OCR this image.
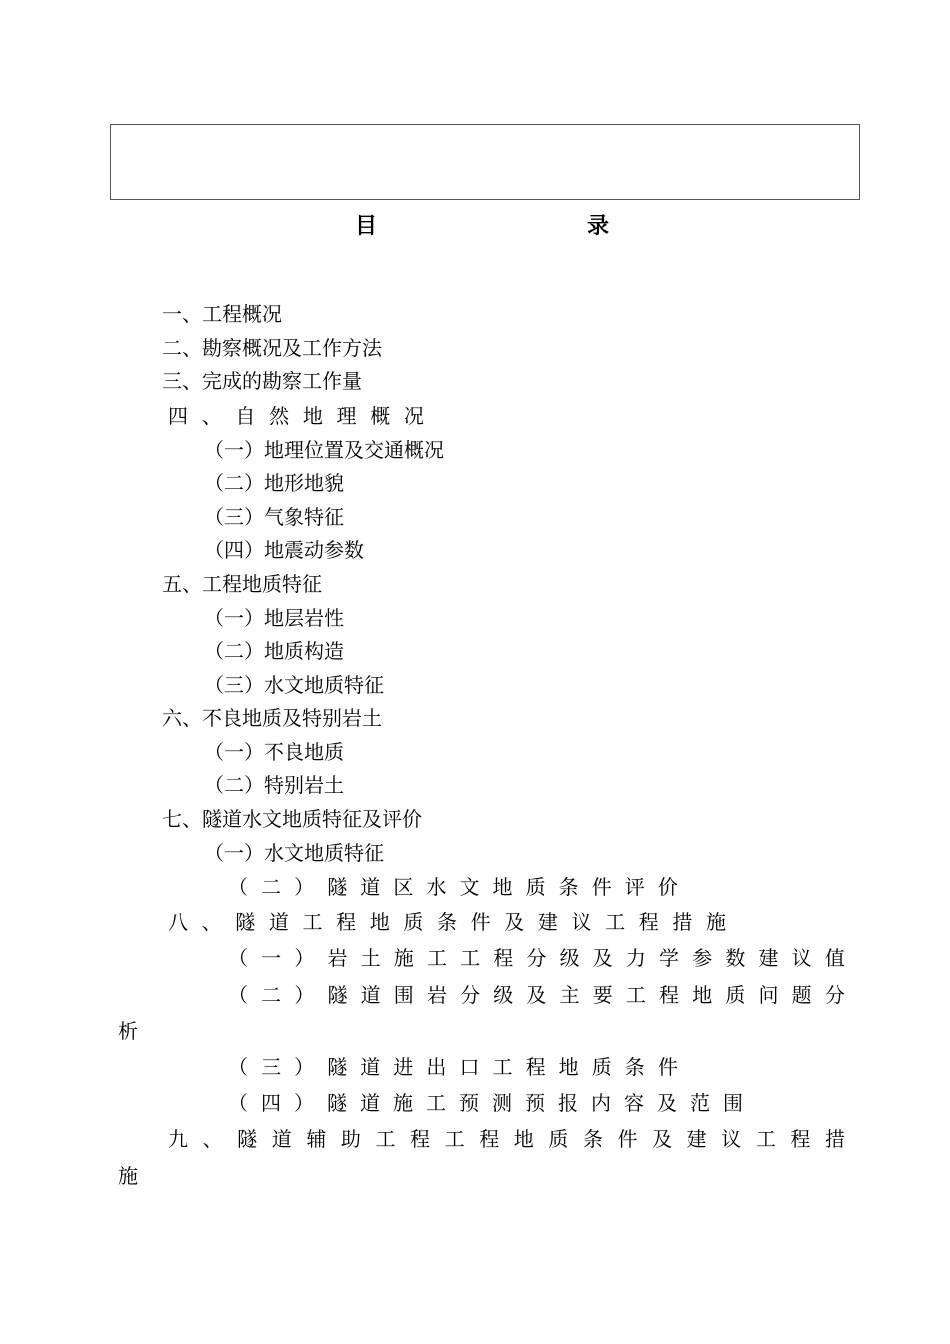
目	录
一、工程概况
二、勘察概况及工作方法
三、完成的勘察工作量
四 、 自 然 地 理 概 况
（一）地理位置及交通概况
（二）地形地貌
（三）气象特征
（四）地震动参数
五、工程地质特征
（一）地层岩性
（二）地质构造
（三）水文地质特征
六、不良地质及特别岩土
（一）不良地质
（二）特别岩土
七、隧道水文地质特征及评价
（一）水文地质特征
（ 二 ） 隧 道 区 水 文 地 质 条 件 评 价
八 、 隧 道 工 程 地 质 条 件 及 建 议 工 程 措 施
（ 一 ） 岩 土 施 工 工 程 分 级 及 力 学 参 数 建 议 值
（ 二 ） 隧 道 围 岩 分 级 及 主 要 工 程 地 质 问 题 分
析
（ 三 ） 隧 道 进 出 口 工 程 地 质 条 件
（ 四 ） 隧 道 施 工 预 测 预 报 内 容 及 范 围
九 、 隧 道 辅 助 工 程 工 程 地 质 条 件 及 建 议 工 程 措
施
